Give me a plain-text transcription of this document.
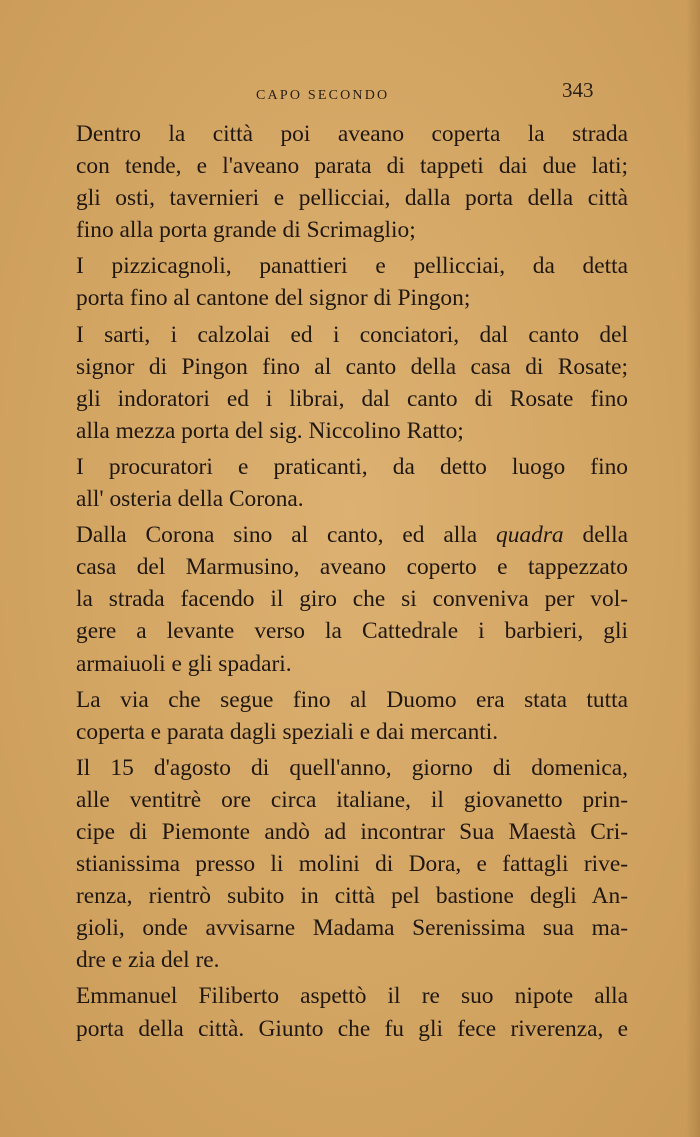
CAPO SECONDO	343
Dentro la città poi aveano coperta la strada
con tende, e l'aveano parata di tappeti dai due lati;
gli osti, tavernieri e pellicciai, dalla porta della città
fino alla porta grande di Scrimaglio;
I pizzicagnoli, panattieri e pellicciai, da detta
porta fino al cantone del signor di Pingon;
I sarti, i calzolai ed i conciatori, dal canto del
signor di Pingon fino al canto della casa di Rosate;
gli indoratori ed i librai, dal canto di Rosate fino
alla mezza porta del sig. Niccolino Ratto;
I procuratori e praticanti, da detto luogo fino
all' osteria della Corona.
Dalla Corona sino al canto, ed alla quadra della
casa del Marmusino, aveano coperto e tappezzato
la strada facendo il giro che si conveniva per vol-
gere a levante verso la Cattedrale i barbieri, gli
armaiuoli e gli spadari.
La via che segue fino al Duomo era stata tutta
coperta e parata dagli speziali e dai mercanti.
Il 15 d'agosto di quell'anno, giorno di domenica,
alle ventitrè ore circa italiane, il giovanetto prin-
cipe di Piemonte andò ad incontrar Sua Maestà Cri-
stianissima presso li molini di Dora, e fattagli rive-
renza, rientrò subito in città pel bastione degli An-
gioli, onde avvisarne Madama Serenissima sua ma-
dre e zia del re.
Emmanuel Filiberto aspettò il re suo nipote alla
porta della città. Giunto che fu gli fece riverenza, e
